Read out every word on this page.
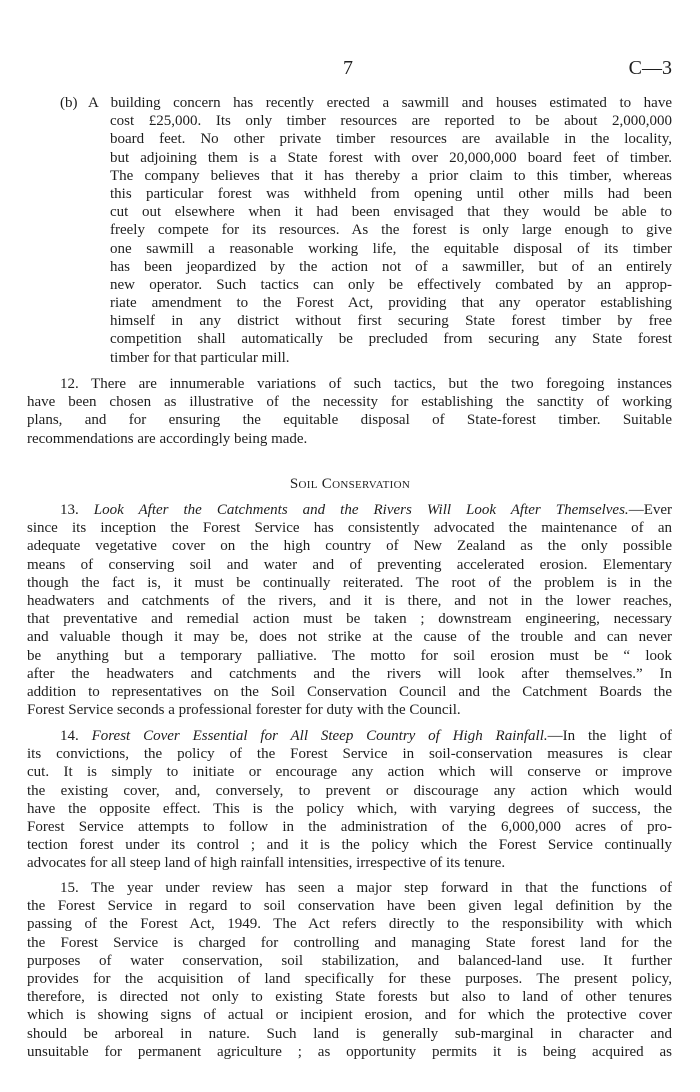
7	C—3
(b) A building concern has recently erected a sawmill and houses estimated to have
cost £25,000. Its only timber resources are reported to be about 2,000,000
board feet. No other private timber resources are available in the locality,
but adjoining them is a State forest with over 20,000,000 board feet of timber.
The company believes that it has thereby a prior claim to this timber, whereas
this particular forest was withheld from opening until other mills had been
cut out elsewhere when it had been envisaged that they would be able to
freely compete for its resources. As the forest is only large enough to give
one sawmill a reasonable working life, the equitable disposal of its timber
has been jeopardized by the action not of a sawmiller, but of an entirely
new operator. Such tactics can only be effectively combated by an approp-
riate amendment to the Forest Act, providing that any operator establishing
himself in any district without first securing State forest timber by free
competition shall automatically be precluded from securing any State forest
timber for that particular mill.
12. There are innumerable variations of such tactics, but the two foregoing instances
have been chosen as illustrative of the necessity for establishing the sanctity of working
plans, and for ensuring the equitable disposal of State-forest timber. Suitable
recommendations are accordingly being made.
Soil Conservation
13. Look After the Catchments and the Rivers Will Look After Themselves.—Ever
since its inception the Forest Service has consistently advocated the maintenance of an
adequate vegetative cover on the high country of New Zealand as the only possible
means of conserving soil and water and of preventing accelerated erosion. Elementary
though the fact is, it must be continually reiterated. The root of the problem is in the
headwaters and catchments of the rivers, and it is there, and not in the lower reaches,
that preventative and remedial action must be taken ; downstream engineering, necessary
and valuable though it may be, does not strike at the cause of the trouble and can never
be anything but a temporary palliative. The motto for soil erosion must be “ look
after the headwaters and catchments and the rivers will look after themselves.” In
addition to representatives on the Soil Conservation Council and the Catchment Boards the
Forest Service seconds a professional forester for duty with the Council.
14. Forest Cover Essential for All Steep Country of High Rainfall.—In the light of
its convictions, the policy of the Forest Service in soil-conservation measures is clear
cut. It is simply to initiate or encourage any action which will conserve or improve
the existing cover, and, conversely, to prevent or discourage any action which would
have the opposite effect. This is the policy which, with varying degrees of success, the
Forest Service attempts to follow in the administration of the 6,000,000 acres of pro-
tection forest under its control ; and it is the policy which the Forest Service continually
advocates for all steep land of high rainfall intensities, irrespective of its tenure.
15. The year under review has seen a major step forward in that the functions of
the Forest Service in regard to soil conservation have been given legal definition by the
passing of the Forest Act, 1949. The Act refers directly to the responsibility with which
the Forest Service is charged for controlling and managing State forest land for the
purposes of water conservation, soil stabilization, and balanced-land use. It further
provides for the acquisition of land specifically for these purposes. The present policy,
therefore, is directed not only to existing State forests but also to land of other tenures
which is showing signs of actual or incipient erosion, and for which the protective cover
should be arboreal in nature. Such land is generally sub-marginal in character and
unsuitable for permanent agriculture ; as opportunity permits it is being acquired as
